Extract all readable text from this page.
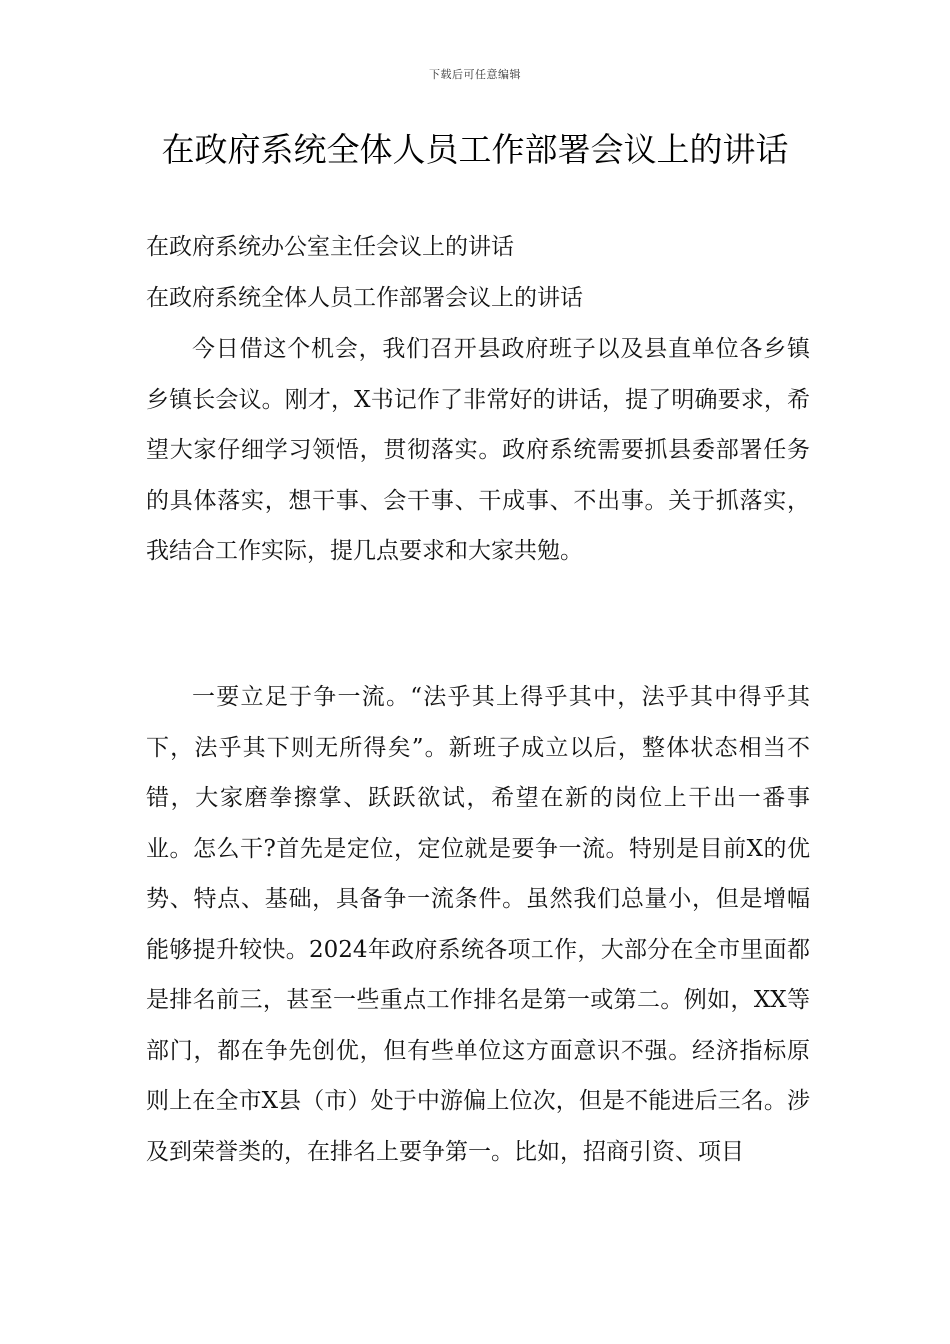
下载后可任意编辑
在政府系统全体人员工作部署会议上的讲话

在政府系统办公室主任会议上的讲话

在政府系统全体人员工作部署会议上的讲话

今日借这个机会，我们召开县政府班子以及县直单位各乡镇乡镇长会议。刚才，X书记作了非常好的讲话，提了明确要求，希望大家仔细学习领悟，贯彻落实。政府系统需要抓县委部署任务的具体落实，想干事、会干事、干成事、不出事。关于抓落实，我结合工作实际，提几点要求和大家共勉。

一要立足于争一流。“法乎其上得乎其中，法乎其中得乎其下，法乎其下则无所得矣”。新班子成立以后，整体状态相当不错，大家磨拳擦掌、跃跃欲试，希望在新的岗位上干出一番事业。怎么干?首先是定位，定位就是要争一流。特别是目前X的优势、特点、基础，具备争一流条件。虽然我们总量小，但是增幅能够提升较快。2024年政府系统各项工作，大部分在全市里面都是排名前三，甚至一些重点工作排名是第一或第二。例如，XX等部门，都在争先创优，但有些单位这方面意识不强。经济指标原则上在全市X县（市）处于中游偏上位次，但是不能进后三名。涉及到荣誉类的，在排名上要争第一。比如，招商引资、项目
